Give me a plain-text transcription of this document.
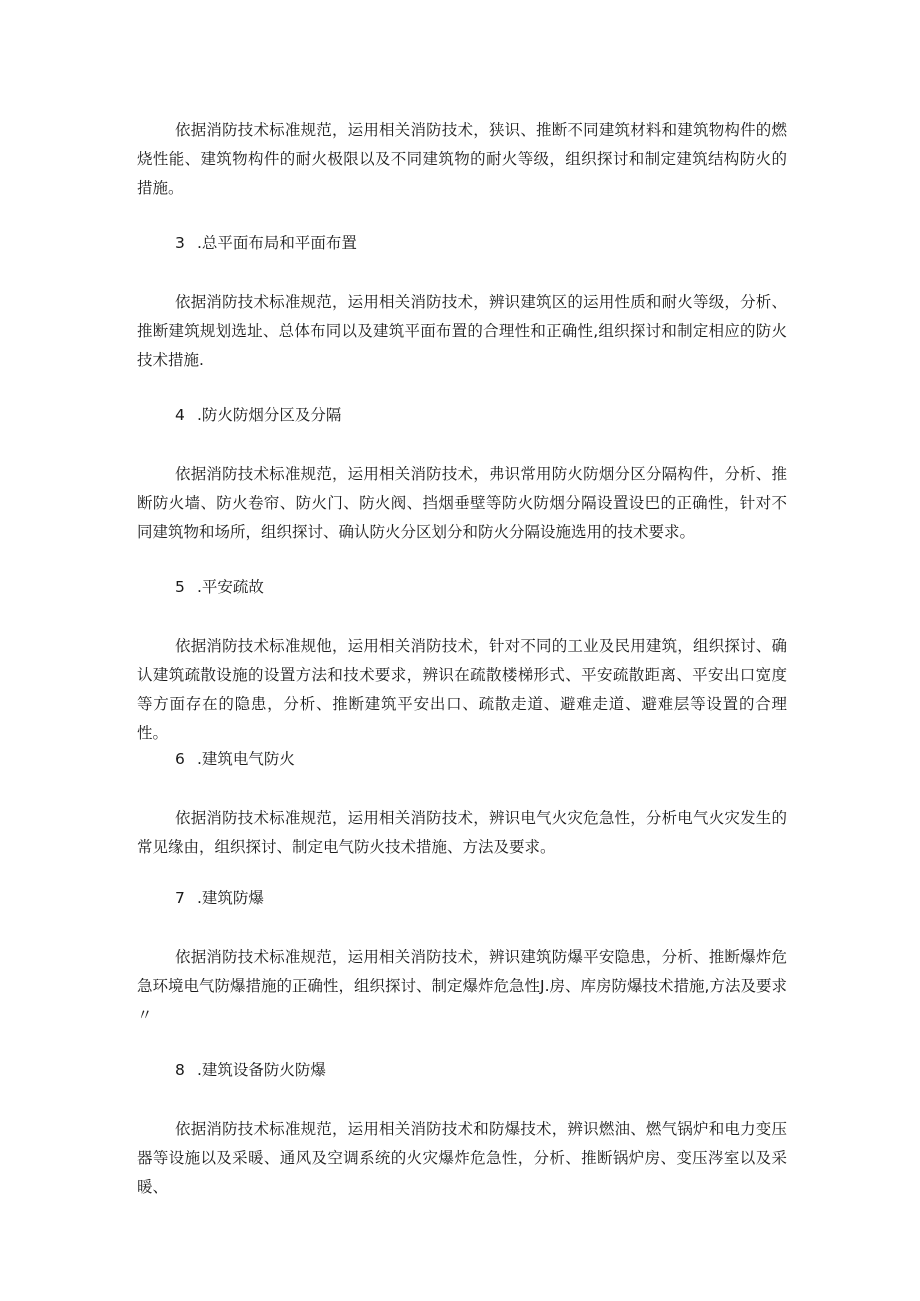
依据消防技术标准规范，运用相关消防技术，狭识、推断不同建筑材料和建筑物构件的燃烧性能、建筑物构件的耐火极限以及不同建筑物的耐火等级，组织探讨和制定建筑结构防火的措施。

3 .总平面布局和平面布置

依据消防技术标准规范，运用相关消防技术，辨识建筑区的运用性质和耐火等级，分析、推断建筑规划选址、总体布同以及建筑平面布置的合理性和正确性,组织探讨和制定相应的防火技术措施.

4 .防火防烟分区及分隔

依据消防技术标准规范，运用相关消防技术，弗识常用防火防烟分区分隔构件，分析、推断防火墙、防火卷帘、防火门、防火阀、挡烟垂壁等防火防烟分隔设置设巴的正确性，针对不同建筑物和场所，组织探讨、确认防火分区划分和防火分隔设施选用的技术要求。

5 .平安疏故

依据消防技术标准规他，运用相关消防技术，针对不同的工业及民用建筑，组织探讨、确认建筑疏散设施的设置方法和技术要求，辨识在疏散楼梯形式、平安疏散距离、平安出口宽度等方面存在的隐患，分析、推断建筑平安出口、疏散走道、避难走道、避难层等设置的合理性。

6 .建筑电气防火

依据消防技术标准规范，运用相关消防技术，辨识电气火灾危急性，分析电气火灾发生的常见缘由，组织探讨、制定电气防火技术措施、方法及要求。

7 .建筑防爆

依据消防技术标准规范，运用相关消防技术，辨识建筑防爆平安隐患，分析、推断爆炸危急环境电气防爆措施的正确性，组织探讨、制定爆炸危急性J.房、库房防爆技术措施,方法及要求〃

8 .建筑设备防火防爆

依据消防技术标准规范，运用相关消防技术和防爆技术，辨识燃油、燃气锅炉和电力变压器等设施以及采暖、通风及空调系统的火灾爆炸危急性，分析、推断锅炉房、变压涔室以及采暖、
